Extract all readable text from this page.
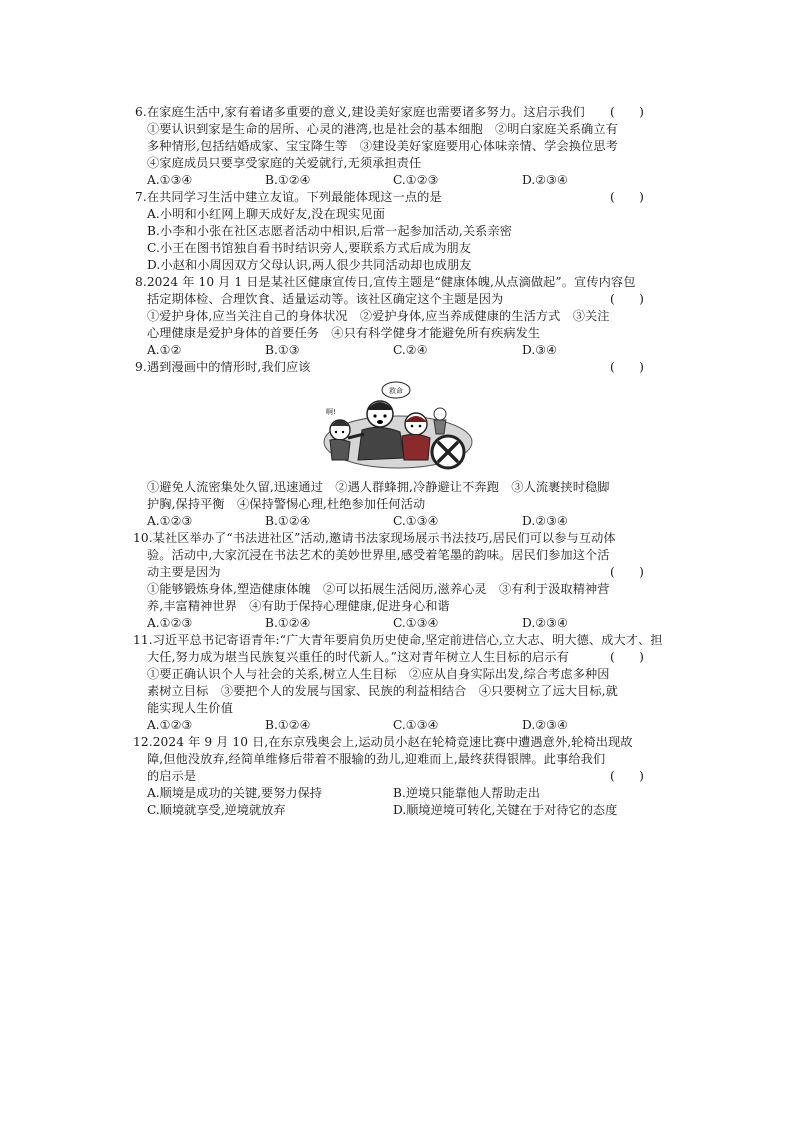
6.在家庭生活中,家有着诸多重要的意义,建设美好家庭也需要诸多努力。这启示我们 (　　)
①要认识到家是生命的居所、心灵的港湾,也是社会的基本细胞　②明白家庭关系确立有
多种情形,包括结婚成家、宝宝降生等　③建设美好家庭要用心体味亲情、学会换位思考
④家庭成员只要享受家庭的关爱就行,无须承担责任
A.①③④	B.①②④	C.①②③	D.②③④
7.在共同学习生活中建立友谊。下列最能体现这一点的是	(　　)
A.小明和小红网上聊天成好友,没在现实见面
B.小李和小张在社区志愿者活动中相识,后常一起参加活动,关系亲密
C.小王在图书馆独自看书时结识旁人,要联系方式后成为朋友
D.小赵和小周因双方父母认识,两人很少共同活动却也成朋友
8.2024 年 10 月 1 日是某社区健康宣传日,宣传主题是“健康体魄,从点滴做起”。宣传内容包
括定期体检、合理饮食、适量运动等。该社区确定这个主题是因为	(　　)
①爱护身体,应当关注自己的身体状况　②爱护身体,应当养成健康的生活方式　③关注
心理健康是爱护身体的首要任务　④只有科学健身才能避免所有疾病发生
A.①②	B.①③	C.②④	D.③④
9.遇到漫画中的情形时,我们应该	(　　)
救命
啊!
①避免人流密集处久留,迅速通过　②遇人群蜂拥,冷静避让不奔跑　③人流裹挟时稳脚
护胸,保持平衡　④保持警惕心理,杜绝参加任何活动
A.①②③	B.①②④	C.①③④	D.②③④
10.某社区举办了“书法进社区”活动,邀请书法家现场展示书法技巧,居民们可以参与互动体
验。活动中,大家沉浸在书法艺术的美妙世界里,感受着笔墨的韵味。居民们参加这个活
动主要是因为	(　　)
①能够锻炼身体,塑造健康体魄　②可以拓展生活阅历,滋养心灵　③有利于汲取精神营
养,丰富精神世界　④有助于保持心理健康,促进身心和谐
A.①②③	B.①②④	C.①③④	D.②③④
11.习近平总书记寄语青年:“广大青年要肩负历史使命,坚定前进信心,立大志、明大德、成大才、担
大任,努力成为堪当民族复兴重任的时代新人。”这对青年树立人生目标的启示有	(　　)
①要正确认识个人与社会的关系,树立人生目标　②应从自身实际出发,综合考虑多种因
素树立目标　③要把个人的发展与国家、民族的利益相结合　④只要树立了远大目标,就
能实现人生价值
A.①②③	B.①②④	C.①③④	D.②③④
12.2024 年 9 月 10 日,在东京残奥会上,运动员小赵在轮椅竞速比赛中遭遇意外,轮椅出现故
障,但他没放弃,经简单维修后带着不服输的劲儿,迎难而上,最终获得银牌。此事给我们
的启示是	(　　)
A.顺境是成功的关键,要努力保持	B.逆境只能靠他人帮助走出
C.顺境就享受,逆境就放弃	D.顺境逆境可转化,关键在于对待它的态度
